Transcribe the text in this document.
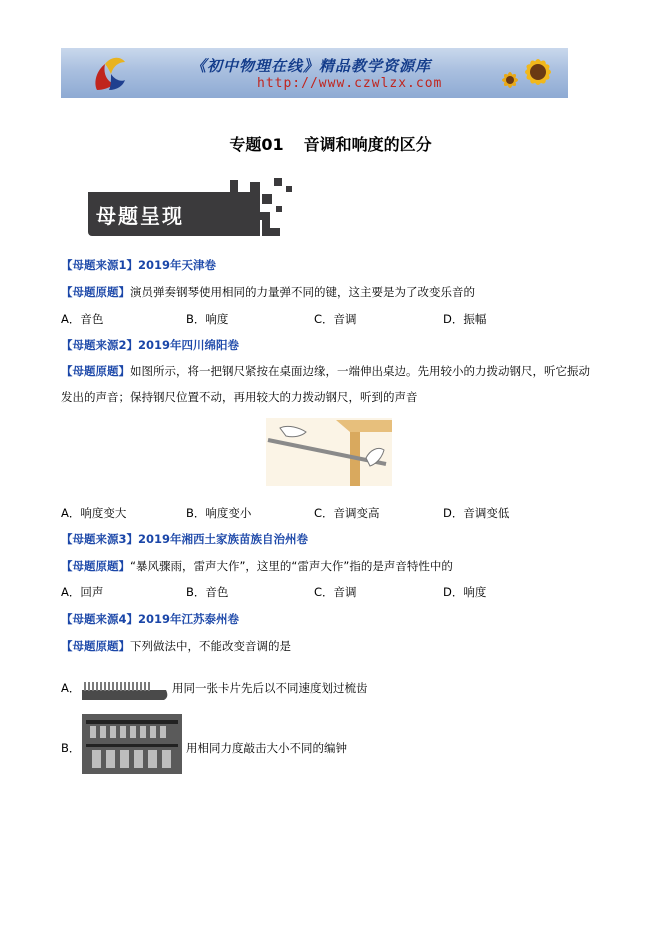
《初中物理在线》精品教学资源库
http://www.czwlzx.com
专题01 音调和响度的区分
母题呈现
【母题来源1】2019年天津卷
【母题原题】演员弹奏钢琴使用相同的力量弹不同的键，这主要是为了改变乐音的
A．音色	B．响度	C．音调	D．振幅
【母题来源2】2019年四川绵阳卷
【母题原题】如图所示，将一把钢尺紧按在桌面边缘，一端伸出桌边。先用较小的力拨动钢尺，听它振动
发出的声音；保持钢尺位置不动，再用较大的力拨动钢尺，听到的声音
A．响度变大	B．响度变小	C．音调变高	D．音调变低
【母题来源3】2019年湘西土家族苗族自治州卷
【母题原题】“暴风骤雨，雷声大作”，这里的“雷声大作”指的是声音特性中的
A．回声	B．音色	C．音调	D．响度
【母题来源4】2019年江苏泰州卷
【母题原题】下列做法中，不能改变音调的是
A．	用同一张卡片先后以不同速度划过梳齿
B．	用相同力度敲击大小不同的编钟
